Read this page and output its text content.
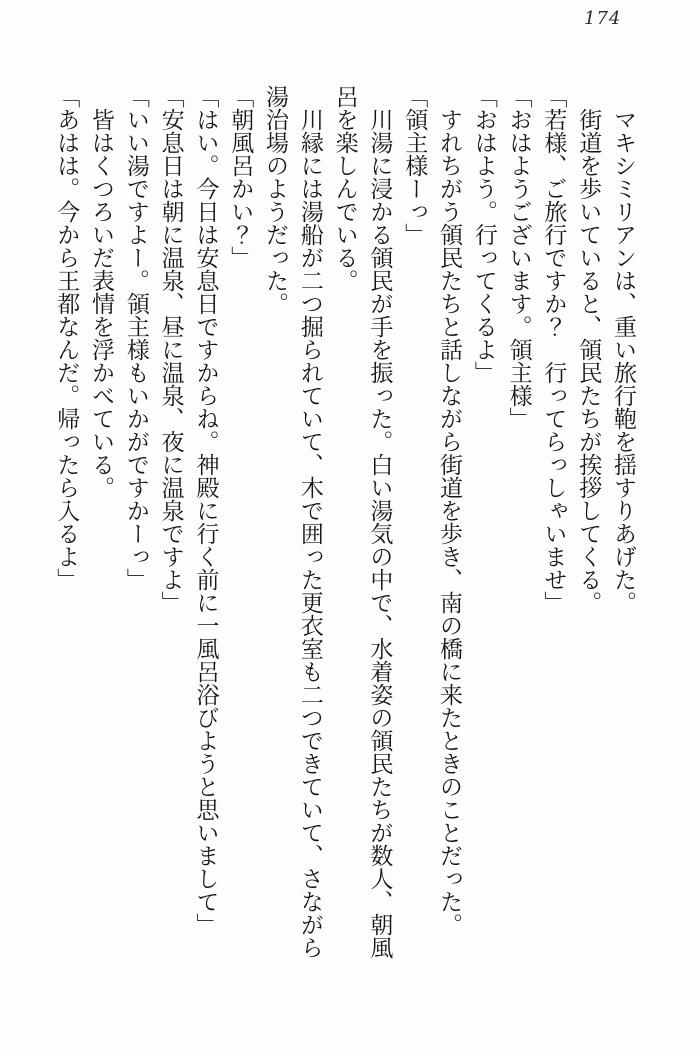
174

マキシミリアンは、重い旅行鞄を揺すりあげた。

街道を歩いていると、領民たちが挨拶してくる。

「若様、ご旅行ですか？　行ってらっしゃいませ」

「おはようございます。領主様」

「おはよう。行ってくるよ」

すれちがう領民たちと話しながら街道を歩き、南の橋に来たときのことだった。

「領主様ーっ」

川湯に浸かる領民が手を振った。白い湯気の中で、水着姿の領民たちが数人、朝風呂を楽しんでいる。

川縁には湯船が二つ掘られていて、木で囲った更衣室も二つできていて、さながら湯治場のようだった。

「朝風呂かい？」

「はい。今日は安息日ですからね。神殿に行く前に一風呂浴びようと思いまして」

「安息日は朝に温泉、昼に温泉、夜に温泉ですよ」

「いい湯ですよー。領主様もいかがですかーっ」

皆はくつろいだ表情を浮かべている。

「あはは。今から王都なんだ。帰ったら入るよ」
